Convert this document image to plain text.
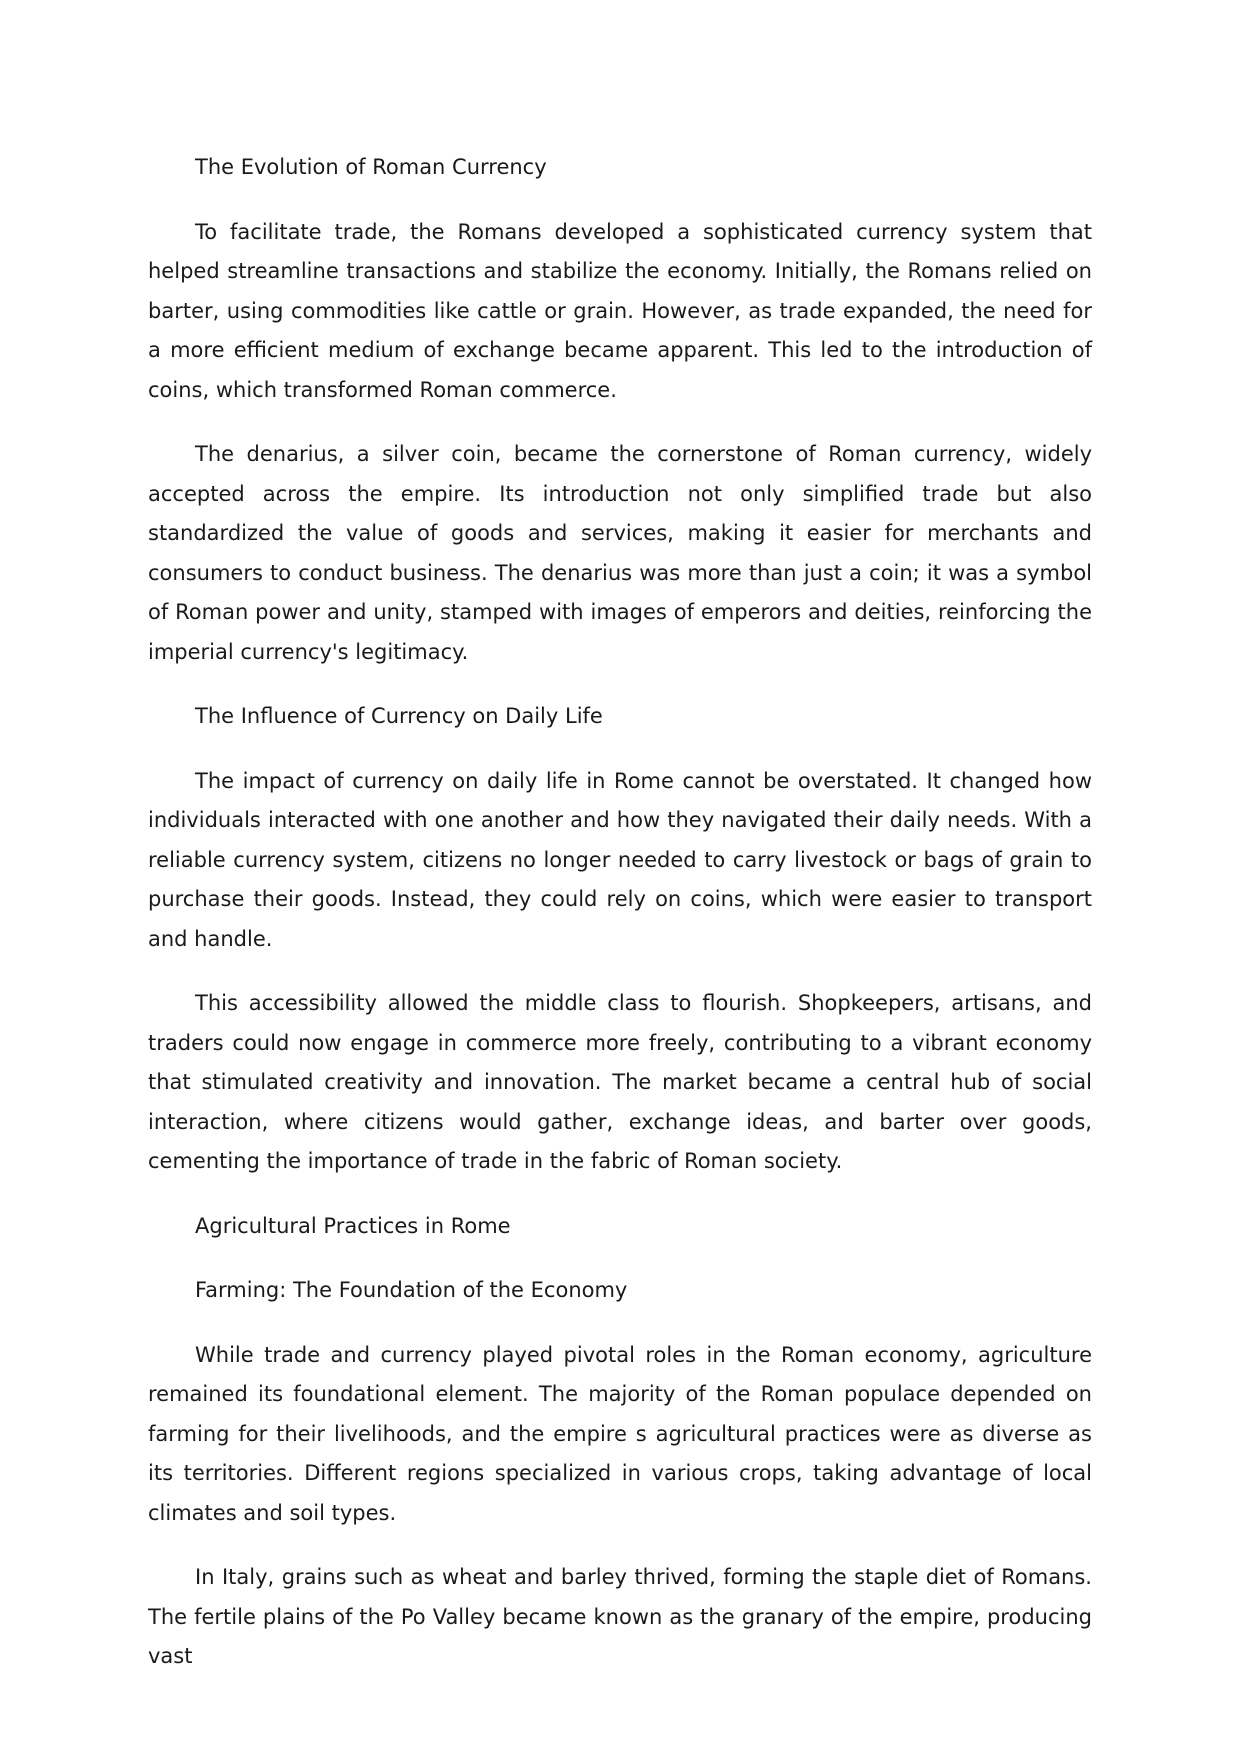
The Evolution of Roman Currency

To facilitate trade, the Romans developed a sophisticated currency system that helped streamline transactions and stabilize the economy. Initially, the Romans relied on barter, using commodities like cattle or grain. However, as trade expanded, the need for a more efficient medium of exchange became apparent. This led to the introduction of coins, which transformed Roman commerce.

The denarius, a silver coin, became the cornerstone of Roman currency, widely accepted across the empire. Its introduction not only simplified trade but also standardized the value of goods and services, making it easier for merchants and consumers to conduct business. The denarius was more than just a coin; it was a symbol of Roman power and unity, stamped with images of emperors and deities, reinforcing the imperial currency's legitimacy.

The Influence of Currency on Daily Life

The impact of currency on daily life in Rome cannot be overstated. It changed how individuals interacted with one another and how they navigated their daily needs. With a reliable currency system, citizens no longer needed to carry livestock or bags of grain to purchase their goods. Instead, they could rely on coins, which were easier to transport and handle.

This accessibility allowed the middle class to flourish. Shopkeepers, artisans, and traders could now engage in commerce more freely, contributing to a vibrant economy that stimulated creativity and innovation. The market became a central hub of social interaction, where citizens would gather, exchange ideas, and barter over goods, cementing the importance of trade in the fabric of Roman society.

Agricultural Practices in Rome

Farming: The Foundation of the Economy

While trade and currency played pivotal roles in the Roman economy, agriculture remained its foundational element. The majority of the Roman populace depended on farming for their livelihoods, and the empire s agricultural practices were as diverse as its territories. Different regions specialized in various crops, taking advantage of local climates and soil types.

In Italy, grains such as wheat and barley thrived, forming the staple diet of Romans. The fertile plains of the Po Valley became known as the granary of the empire, producing vast
